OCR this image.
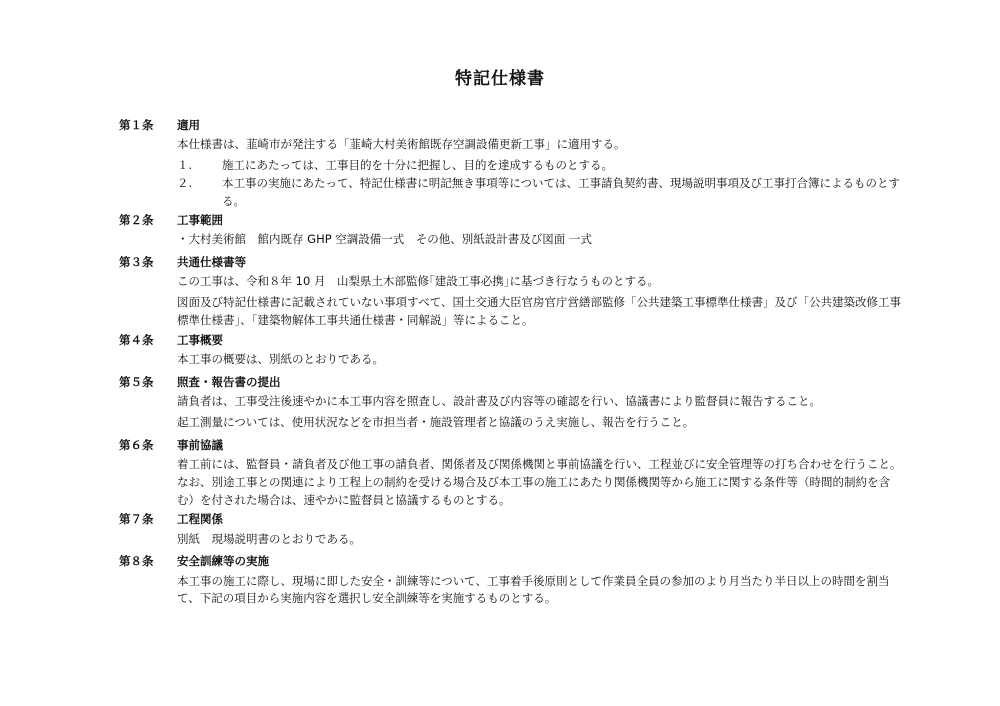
特記仕様書
第１条	適用

本仕様書は、韮崎市が発注する「韮崎大村美術館既存空調設備更新工事」に適用する。

１.	施工にあたっては、工事目的を十分に把握し、目的を達成するものとする。
２.	本工事の実施にあたって、特記仕様書に明記無き事項等については、工事請負契約書、現場説明事項及び工事打合簿によるものとする。
第２条	工事範囲

・大村美術館　館内既存 GHP 空調設備一式　その他、別紙設計書及び図面 一式

第３条	共通仕様書等

この工事は、令和８年 10 月　山梨県土木部監修｢建設工事必携｣に基づき行なうものとする。

図面及び特記仕様書に記載されていない事項すべて、国土交通大臣官房官庁営繕部監修「公共建築工事標準仕様書」及び「公共建築改修工事標準仕様書」、「建築物解体工事共通仕様書・同解説」等によること。

第４条	工事概要

本工事の概要は、別紙のとおりである。

第５条	照査・報告書の提出

請負者は、工事受注後速やかに本工事内容を照査し、設計書及び内容等の確認を行い、協議書により監督員に報告すること。

起工測量については、使用状況などを市担当者・施設管理者と協議のうえ実施し、報告を行うこと。

第６条	事前協議

着工前には、監督員・請負者及び他工事の請負者、関係者及び関係機関と事前協議を行い、工程並びに安全管理等の打ち合わせを行うこと。なお、別途工事との関連により工程上の制約を受ける場合及び本工事の施工にあたり関係機関等から施工に関する条件等（時間的制約を含む）を付された場合は、速やかに監督員と協議するものとする。

第７条	工程関係

別紙　現場説明書のとおりである。

第８条	安全訓練等の実施

本工事の施工に際し、現場に即した安全・訓練等について、工事着手後原則として作業員全員の参加のより月当たり半日以上の時間を割当て、下記の項目から実施内容を選択し安全訓練等を実施するものとする。
